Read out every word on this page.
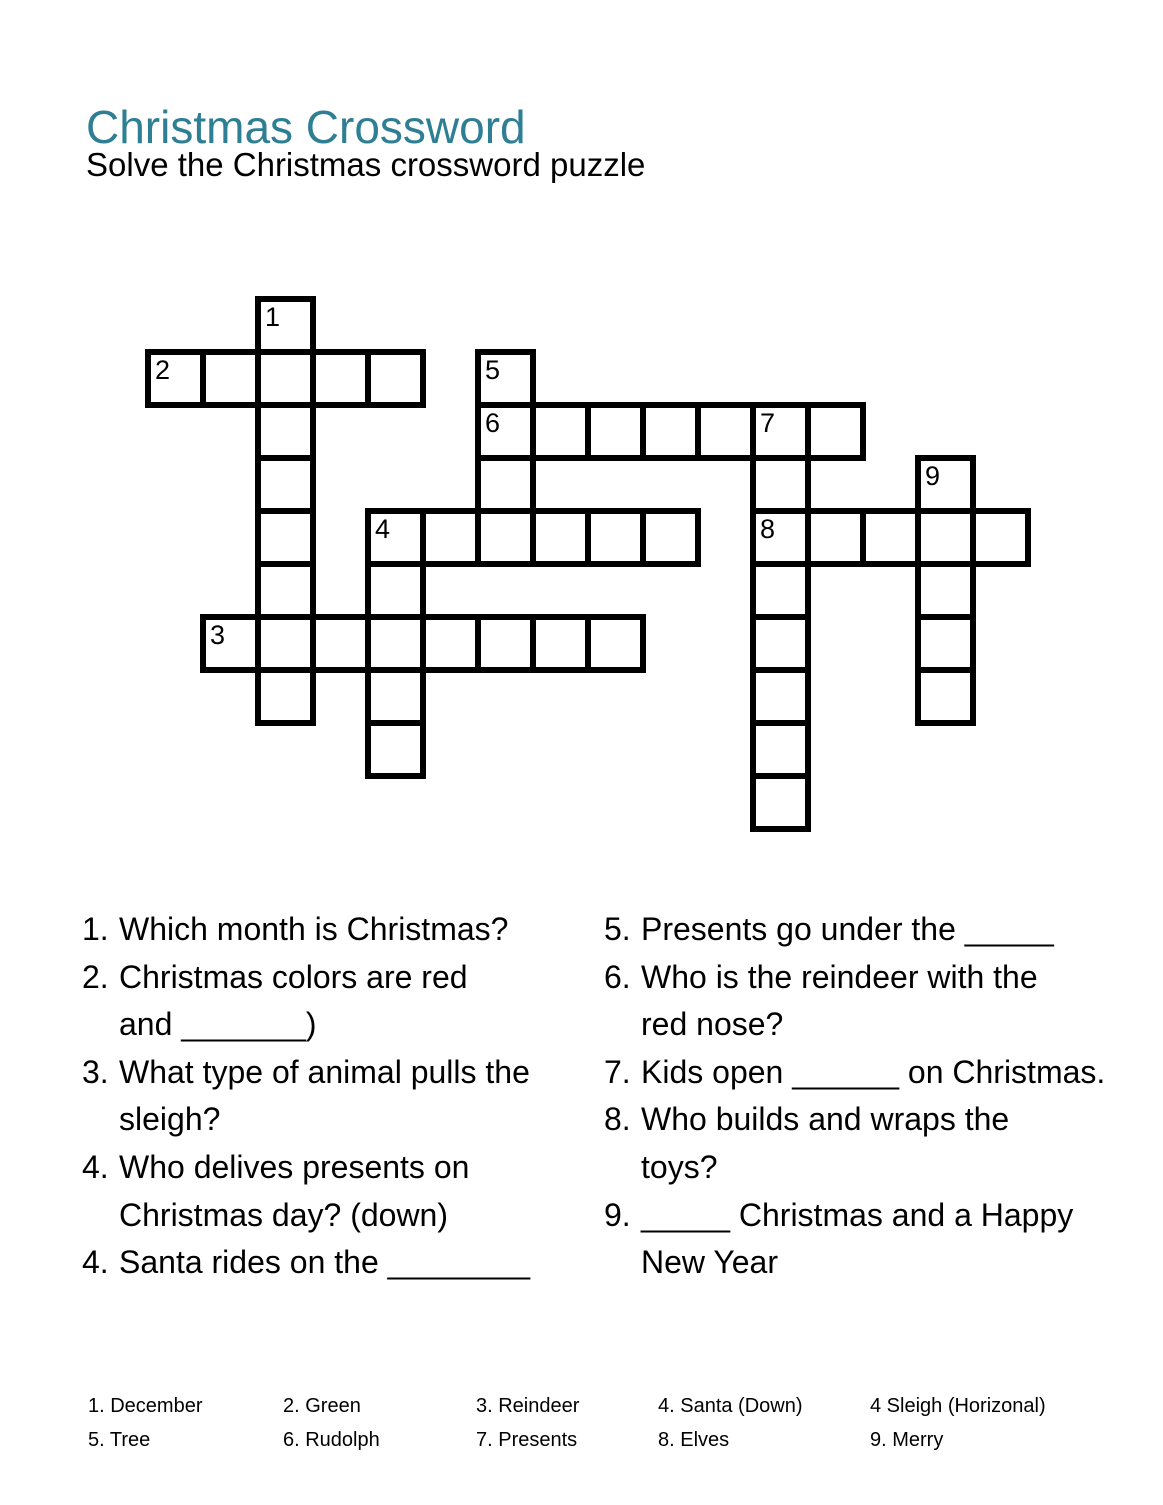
Christmas Crossword
Solve the Christmas crossword puzzle
1
2	5
6	7
9
4	8
3
1. Which month is Christmas?
2. Christmas colors are red
and _______)
3. What type of animal pulls the
sleigh?
4. Who delives presents on
Christmas day? (down)
4. Santa rides on the ________
5. Presents go under the _____
6. Who is the reindeer with the
red nose?
7. Kids open ______ on Christmas.
8. Who builds and wraps the
toys?
9. _____ Christmas and a Happy
New Year
1. December	2. Green	3. Reindeer	4. Santa (Down)	4 Sleigh (Horizonal)
5. Tree	6. Rudolph	7. Presents	8. Elves	9. Merry
